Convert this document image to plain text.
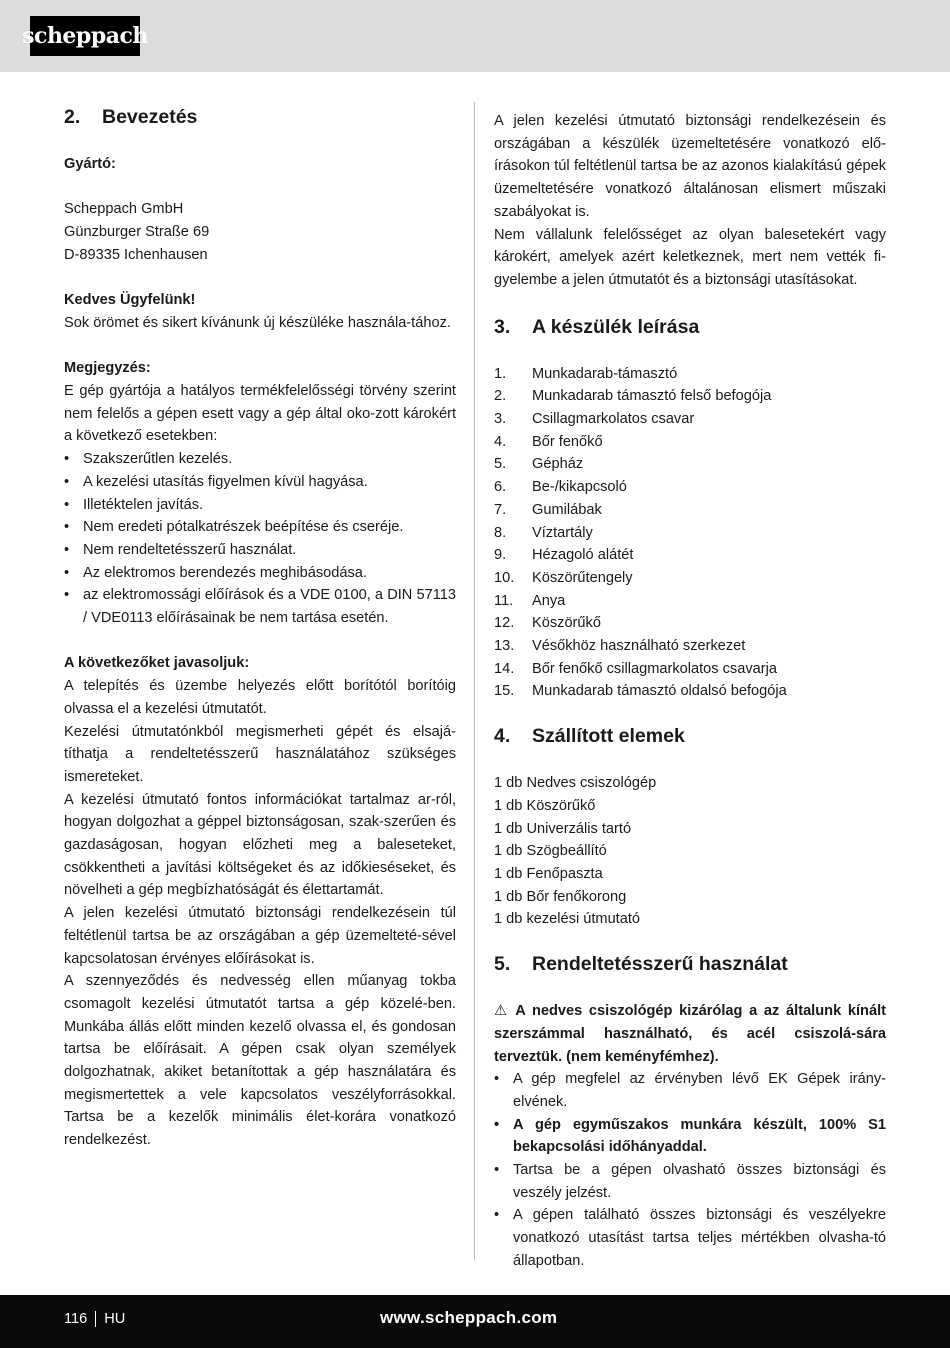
scheppach
2.	Bevezetés

Gyártó:

Scheppach GmbH

Günzburger Straße 69

D-89335 Ichenhausen

Kedves Ügyfelünk!

Sok örömet és sikert kívánunk új készüléke használa-tához.

Megjegyzés:

E gép gyártója a hatályos termékfelelősségi törvény szerint nem felelős a gépen esett vagy a gép által oko-zott károkért a következő esetekben:

• Szakszerűtlen kezelés.
• A kezelési utasítás figyelmen kívül hagyása.
• Illetéktelen javítás.
• Nem eredeti pótalkatrészek beépítése és cseréje.
• Nem rendeltetésszerű használat.
• Az elektromos berendezés meghibásodása.
• az elektromossági előírások és a VDE 0100, a DIN 57113 / VDE0113 előírásainak be nem tartása esetén.

A következőket javasoljuk:

A telepítés és üzembe helyezés előtt borítótól borítóig olvassa el a kezelési útmutatót.

Kezelési útmutatónkból megismerheti gépét és elsajá-títhatja a rendeltetésszerű használatához szükséges ismereteket.

A kezelési útmutató fontos információkat tartalmaz ar-ról, hogyan dolgozhat a géppel biztonságosan, szak-szerűen és gazdaságosan, hogyan előzheti meg a baleseteket, csökkentheti a javítási költségeket és az időkieséseket, és növelheti a gép megbízhatóságát és élettartamát.

A jelen kezelési útmutató biztonsági rendelkezésein túl feltétlenül tartsa be az országában a gép üzemelteté-sével kapcsolatosan érvényes előírásokat is.

A szennyeződés és nedvesség ellen műanyag tokba csomagolt kezelési útmutatót tartsa a gép közelé-ben. Munkába állás előtt minden kezelő olvassa el, és gondosan tartsa be előírásait. A gépen csak olyan személyek dolgozhatnak, akiket betanítottak a gép használatára és megismertettek a vele kapcsolatos veszélyforrásokkal. Tartsa be a kezelők minimális élet-korára vonatkozó rendelkezést.

A jelen kezelési útmutató biztonsági rendelkezésein és országában a készülék üzemeltetésére vonatkozó elő-írásokon túl feltétlenül tartsa be az azonos kialakítású gépek üzemeltetésére vonatkozó általánosan elismert műszaki szabályokat is.

Nem vállalunk felelősséget az olyan balesetekért vagy károkért, amelyek azért keletkeznek, mert nem vették fi-gyelembe a jelen útmutatót és a biztonsági utasításokat.

3.	A készülék leírása
1.	Munkadarab-támasztó
2.	Munkadarab támasztó felső befogója
3.	Csillagmarkolatos csavar
4.	Bőr fenőkő
5.	Gépház
6.	Be-/kikapcsoló
7.	Gumilábak
8.	Víztartály
9.	Hézagoló alátét
10.	Köszörűtengely
11.	Anya
12.	Köszörűkő
13.	Vésőkhöz használható szerkezet
14.	Bőr fenőkő csillagmarkolatos csavarja
15.	Munkadarab támasztó oldalsó befogója
4.	Szállított elemek
1 db Nedves csiszológép
1 db Köszörűkő
1 db Univerzális tartó
1 db Szögbeállító
1 db Fenőpaszta
1 db Bőr fenőkorong
1 db kezelési útmutató
5.	Rendeltetésszerű használat

⚠ A nedves csiszológép kizárólag a az általunk kínált szerszámmal használható, és acél csiszolá-sára terveztük. (nem keményfémhez).

• A gép megfelel az érvényben lévő EK Gépek irány-elvének.
• A gép egyműszakos munkára készült, 100% S1 bekapcsolási időhányaddal.
• Tartsa be a gépen olvasható összes biztonsági és veszély jelzést.
• A gépen található összes biztonsági és veszélyekre vonatkozó utasítást tartsa teljes mértékben olvasha-tó állapotban.
116 HU	www.scheppach.com
